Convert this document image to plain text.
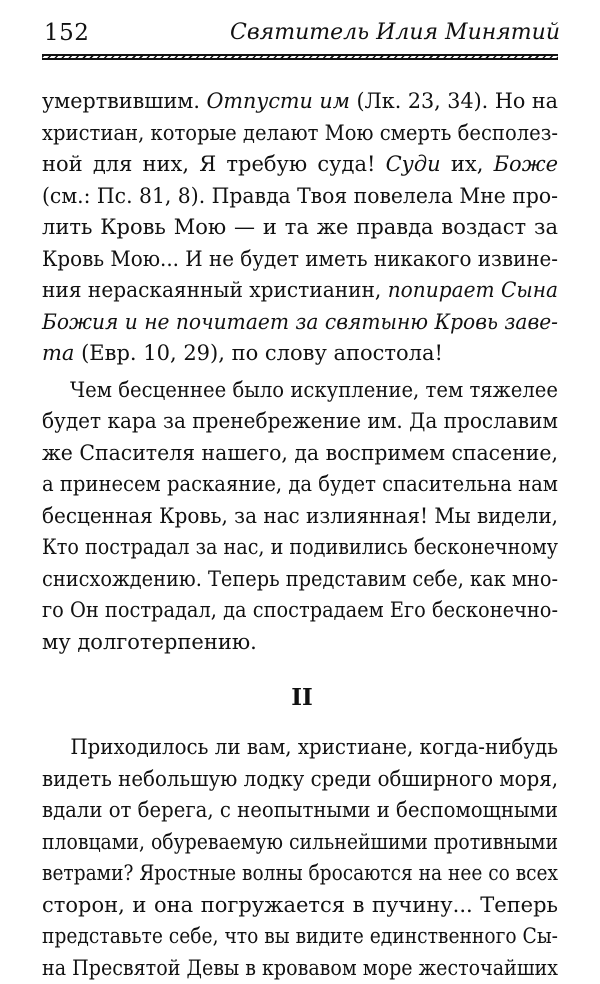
152	Святитель Илия Минятий
умертвившим. Отпусти им (Лк. 23, 34). Но на
христиан, которые делают Мою смерть бесполез-
ной для них, Я требую суда! Суди их, Боже
(см.: Пс. 81, 8). Правда Твоя повелела Мне про-
лить Кровь Мою — и та же правда воздаст за
Кровь Мою... И не будет иметь никакого извине-
ния нераскаянный христианин, попирает Сына
Божия и не почитает за святыню Кровь заве-
та (Евр. 10, 29), по слову апостола!
Чем бесценнее было искупление, тем тяжелее
будет кара за пренебрежение им. Да прославим
же Спасителя нашего, да воспримем спасение,
а принесем раскаяние, да будет спасительна нам
бесценная Кровь, за нас излиянная! Мы видели,
Кто пострадал за нас, и подивились бесконечному
снисхождению. Теперь представим себе, как мно-
го Он пострадал, да спострадаем Его бесконечно-
му долготерпению.
II
Приходилось ли вам, христиане, когда-нибудь
видеть небольшую лодку среди обширного моря,
вдали от берега, с неопытными и беспомощными
пловцами, обуреваемую сильнейшими противными
ветрами? Яростные волны бросаются на нее со всех
сторон, и она погружается в пучину... Теперь
представьте себе, что вы видите единственного Сы-
на Пресвятой Девы в кровавом море жесточайших
